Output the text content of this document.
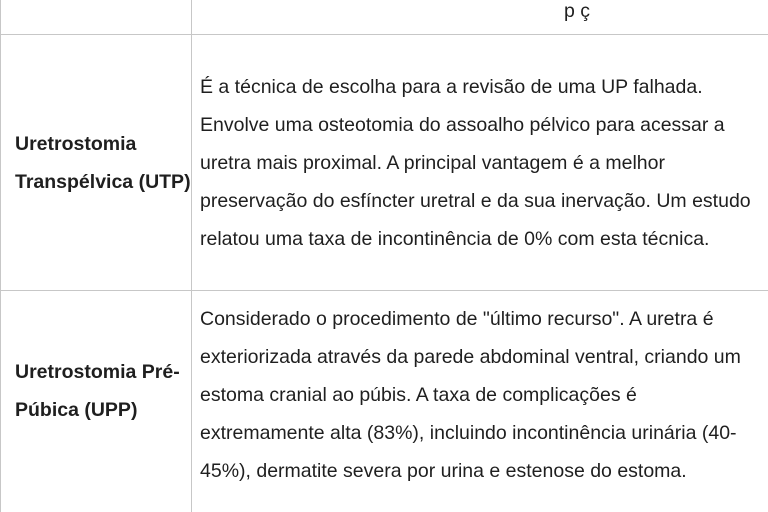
	p ç

Uretrostomia Transpélvica (UTP)	É a técnica de escolha para a revisão de uma UP falhada. Envolve uma osteotomia do assoalho pélvico para acessar a uretra mais proximal. A principal vantagem é a melhor preservação do esfíncter uretral e da sua inervação. Um estudo relatou uma taxa de incontinência de 0% com esta técnica.
Uretrostomia Pré-Púbica (UPP)	Considerado o procedimento de "último recurso". A uretra é exteriorizada através da parede abdominal ventral, criando um estoma cranial ao púbis. A taxa de complicações é extremamente alta (83%), incluindo incontinência urinária (40-45%), dermatite severa por urina e estenose do estoma.
